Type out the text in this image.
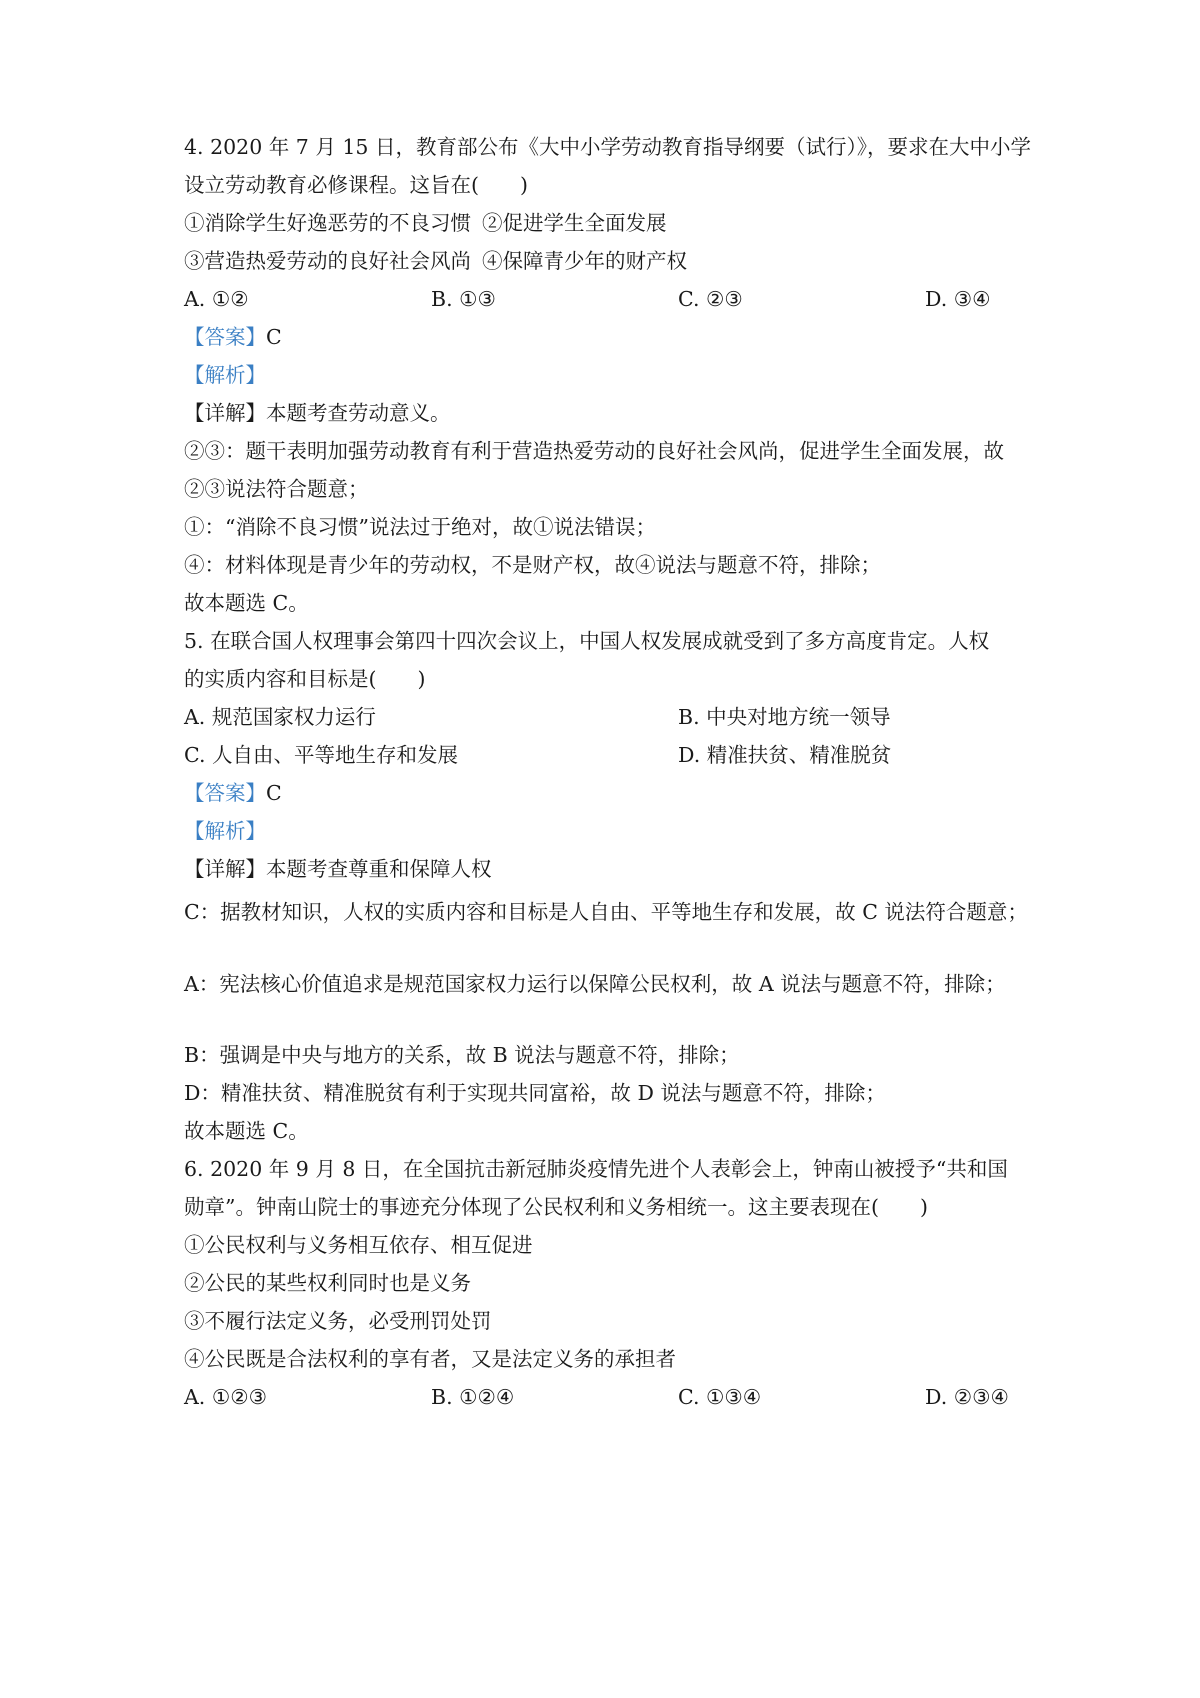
4. 2020 年 7 月 15 日，教育部公布《大中小学劳动教育指导纲要（试行）》，要求在大中小学
设立劳动教育必修课程。这旨在(　　)
①消除学生好逸恶劳的不良习惯 ②促进学生全面发展
③营造热爱劳动的良好社会风尚 ④保障青少年的财产权
A. ①②	B. ①③	C. ②③	D. ③④
【答案】C
【解析】
【详解】本题考查劳动意义。
②③：题干表明加强劳动教育有利于营造热爱劳动的良好社会风尚，促进学生全面发展，故
②③说法符合题意；
①：“消除不良习惯”说法过于绝对，故①说法错误；
④：材料体现是青少年的劳动权，不是财产权，故④说法与题意不符，排除；
故本题选 C。
5. 在联合国人权理事会第四十四次会议上，中国人权发展成就受到了多方高度肯定。人权
的实质内容和目标是(　　)
A. 规范国家权力运行	B. 中央对地方统一领导
C. 人自由、平等地生存和发展	D. 精准扶贫、精准脱贫
【答案】C
【解析】
【详解】本题考查尊重和保障人权
C：据教材知识，人权的实质内容和目标是人自由、平等地生存和发展，故 C 说法符合题意；
A：宪法核心价值追求是规范国家权力运行以保障公民权利，故 A 说法与题意不符，排除；
B：强调是中央与地方的关系，故 B 说法与题意不符，排除；
D：精准扶贫、精准脱贫有利于实现共同富裕，故 D 说法与题意不符，排除；
故本题选 C。
6. 2020 年 9 月 8 日，在全国抗击新冠肺炎疫情先进个人表彰会上，钟南山被授予“共和国
勋章”。钟南山院士的事迹充分体现了公民权利和义务相统一。这主要表现在(　　)
①公民权利与义务相互依存、相互促进
②公民的某些权利同时也是义务
③不履行法定义务，必受刑罚处罚
④公民既是合法权利的享有者，又是法定义务的承担者
A. ①②③	B. ①②④	C. ①③④	D. ②③④
